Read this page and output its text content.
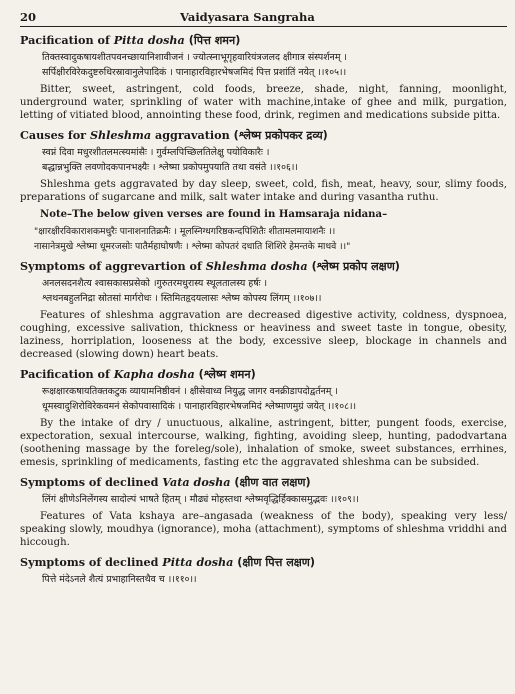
20	Vaidyasara Sangraha
Pacification of Pitta dosha (पित्त शमन)
तिक्तस्वादुकषायशीतपवनच्छायानिशावीजनं । ज्योत्स्नाभूगृहवारियंत्रजलद क्षीगात्र संस्पर्शनम् ।
सर्पिक्षीरविरेकदुष्टरुधिरस्रावानुलेपादिकं । पानाहारविहारभेषजमिदं पित्त प्रशांतिं नयेत् ।।१०५।।
Bitter, sweet, astringent, cold foods, breeze, shade, night, fanning, moonlight, underground water, sprinkling of water with machine,intake of ghee and milk, purgation, letting of vitiated blood, annointing these food, drink, regimen and medications subside pitta.
Causes for Shleshma aggravation (श्लेष्म प्रकोपकर द्रव्य)
स्वप्नं दिवा मधुरशीतलमत्स्यमांसैः । गुर्वम्लपिच्छिलतिलेक्षु पयोविकारैः ।
बद्धान्नभुक्ति लवणोदकपानभक्ष्यैः । श्लेष्मा प्रकोपमुपयाति तथा वसंते ।।१०६।।
Shleshma gets aggravated by day sleep, sweet, cold, fish, meat, heavy, sour, slimy foods, preparations of sugarcane and milk, salt water intake and during vasantha ruthu.
Note–The below given verses are found in Hamsaraja nidana–
"क्षारक्षीरविकाराशकमधुरैः पानाशनातिक्रमैः । मूलस्निग्धगरिष्ठकन्दपिशितैः शीतामलमायाशनैः ।।
नासानेत्रमुखे श्लेष्मा धूमरजसोः पातैर्महाघोषणैः । श्लेष्मा कोपतरं दधाति शिशिरे हेमन्तके माधवे ।।"
Symptoms of aggrevartion of Shleshma dosha (श्लेष्म प्रकोप लक्षण)
अनलसदनशैत्य श्वासकासप्रसेको ।गुरुतरमधुरास्य स्थूलतालस्य हर्षः ।
श्लथनबहुलनिद्रा स्रोतसां मार्गरोधः । स्तिमितहृदयलासः श्लेष्म कोपस्य लिंगम् ।।१०७।।
Features of shleshma aggravation are decreased digestive activity, coldness, dyspnoea, coughing, excessive salivation, thickness or heaviness and sweet taste in tongue, obesity, laziness, horriplation, looseness at the body, excessive sleep, blockage in channels and decreased (slowing down) heart beats.
Pacification of Kapha dosha (श्लेष्म शमन)
रूक्षक्षारकषायतिक्तकटुक व्यायामनिष्ठीवनं । क्षीसेवाध्व नियुद्ध जागर वनक्रीडापदोद्वर्तनम् ।
धूमस्वादुशिरोविरेकवमनं सेकोपवासादिकं । पानाहारविहारभेषजमिदं श्लेष्माणमुग्रं जयेत् ।।१०८।।
By the intake of dry / unuctuous, alkaline, astringent, bitter, pungent foods, exercise, expectoration, sexual intercourse, walking, fighting, avoiding sleep, hunting, padodvartana (soothening massage by the foreleg/sole), inhalation of smoke, sweet substances, errhines, emesis, sprinkling of medicaments, fasting etc the aggravated shleshma can be subsided.
Symptoms of declined Vata dosha (क्षीण वात लक्षण)
लिंगं क्षीणेऽनिलेंगस्य सादोल्पं भाषते हितम् । मौढ्यं मोहस्तथा श्लेष्मवृद्धिर्हिक्कासमुद्भवः ।।१०९।।
Features of Vata kshaya are–angasada (weakness of the body), speaking very less/ speaking slowly, moudhya (ignorance), moha (attachment), symptoms of shleshma vriddhi and hiccough.
Symptoms of declined Pitta dosha (क्षीण पित्त लक्षण)
पित्ते मंदेऽनले शैत्यं प्रभाहानिस्तथैव च ।।११०।।
